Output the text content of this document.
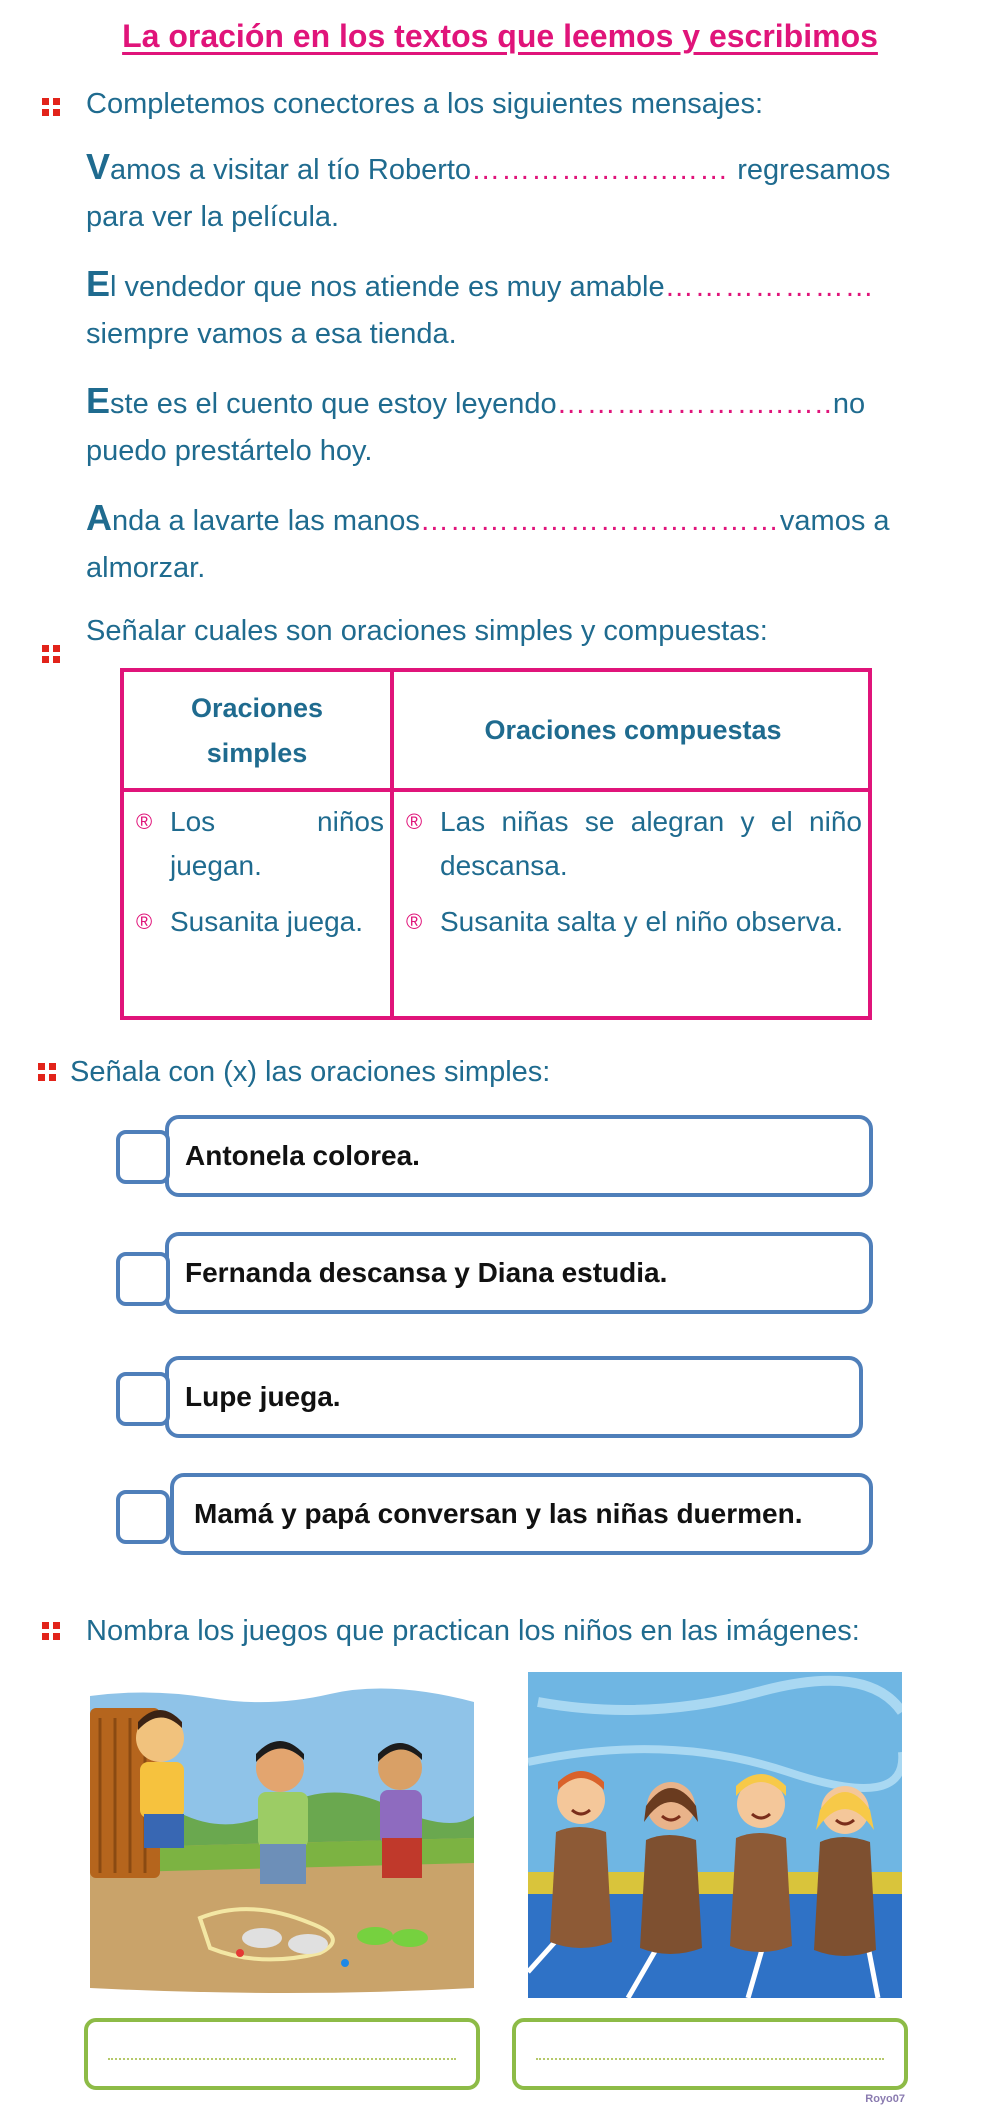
La oración en los textos que leemos y escribimos
Completemos conectores a los siguientes mensajes:
Vamos a visitar al tío Roberto………………..…… regresamos para ver la película.
El vendedor que nos atiende es muy amable………………… siempre vamos a esa tienda.
Este es el cuento que estoy leyendo…………………..…..no puedo prestártelo hoy.
Anda a lavarte las manos………………………………vamos a almorzar.
Señalar cuales son oraciones simples y compuestas:
Oraciones simples
Oraciones compuestas
® Los niños juegan.
® Susanita juega.
® Las niñas se alegran y el niño descansa.
® Susanita salta y el niño observa.
Señala con (x) las oraciones simples:
Antonela colorea.
Fernanda descansa y Diana estudia.
Lupe juega.
Mamá y papá conversan y las niñas duermen.
Nombra los juegos que practican los niños en las imágenes:
Royo07
